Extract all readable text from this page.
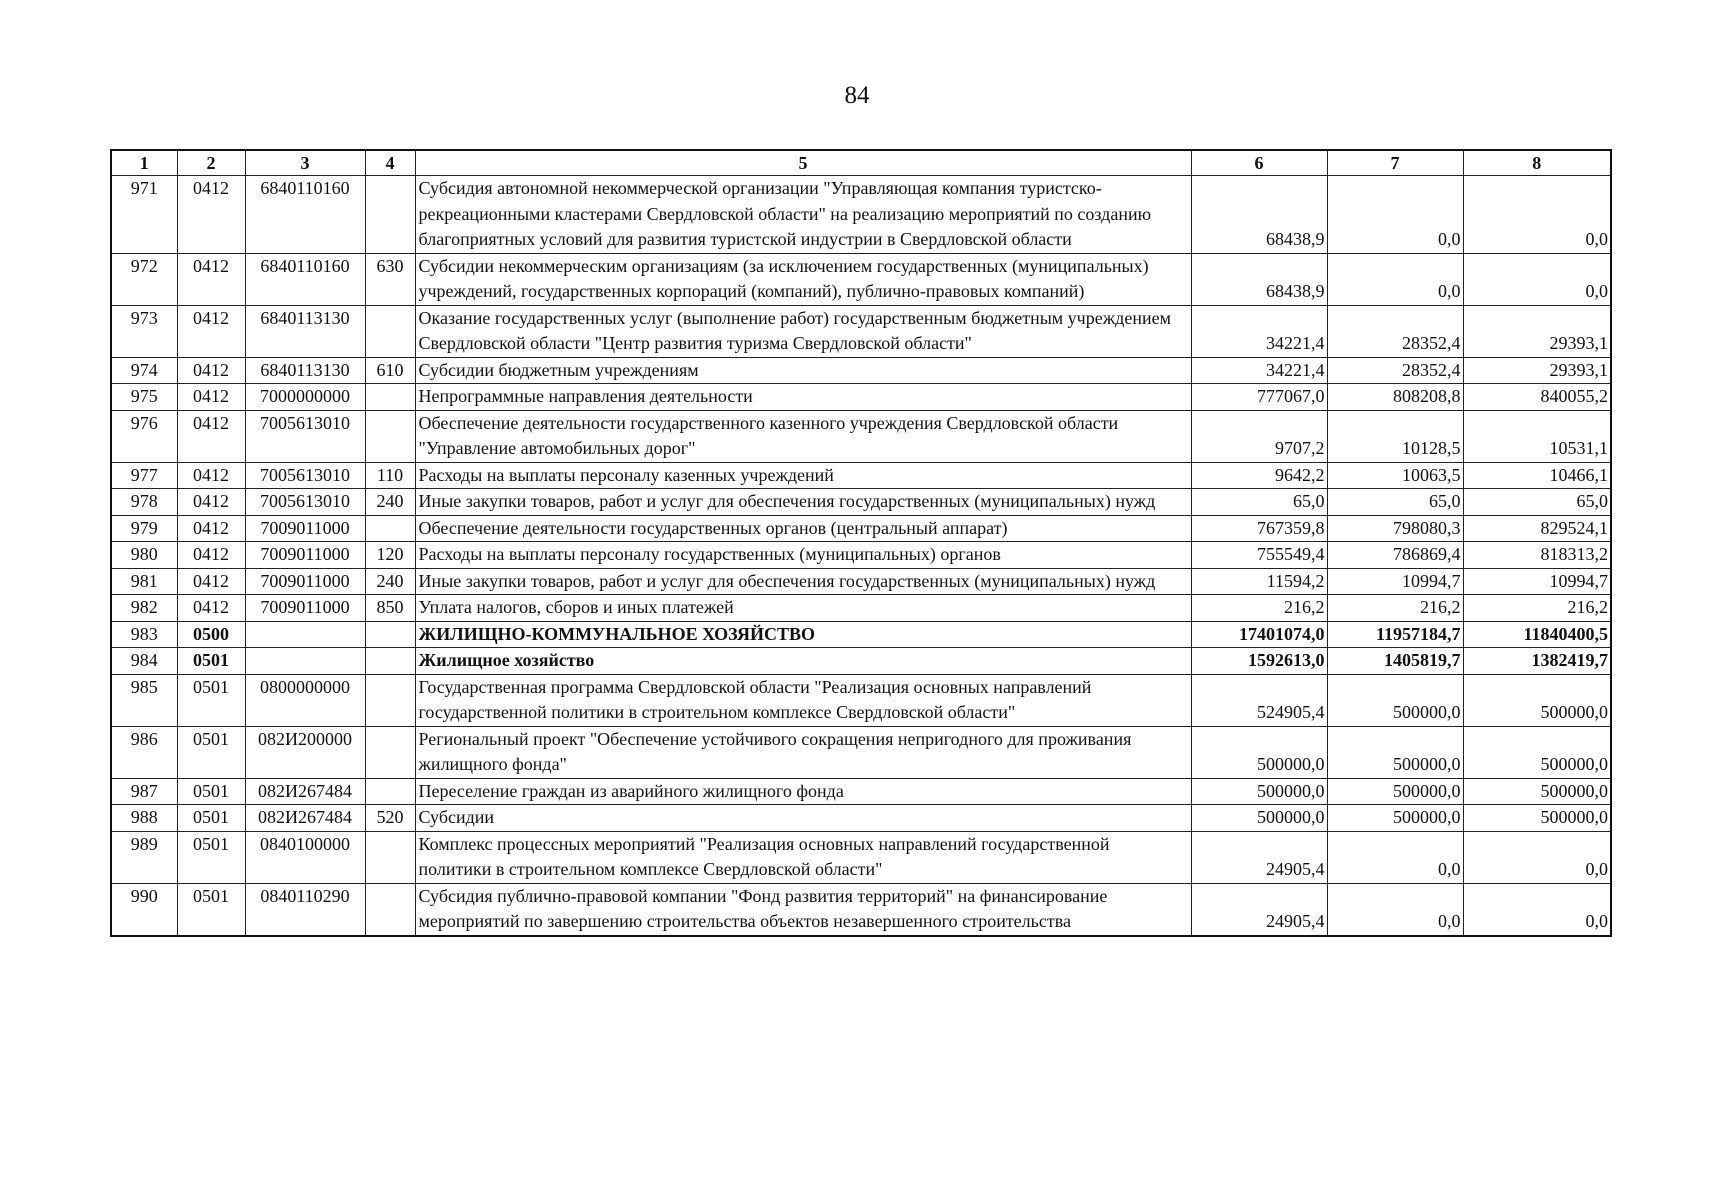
84
1	2	3	4	5	6	7	8
971	0412	6840110160		Субсидия автономной некоммерческой организации "Управляющая компания туристско-рекреационными кластерами Свердловской области" на реализацию мероприятий по созданию благоприятных условий для развития туристской индустрии в Свердловской области	68438,9	0,0	0,0
972	0412	6840110160	630	Субсидии некоммерческим организациям (за исключением государственных (муниципальных) учреждений, государственных корпораций (компаний), публично-правовых компаний)	68438,9	0,0	0,0
973	0412	6840113130		Оказание государственных услуг (выполнение работ) государственным бюджетным учреждением Свердловской области "Центр развития туризма Свердловской области"	34221,4	28352,4	29393,1
974	0412	6840113130	610	Субсидии бюджетным учреждениям	34221,4	28352,4	29393,1
975	0412	7000000000		Непрограммные направления деятельности	777067,0	808208,8	840055,2
976	0412	7005613010		Обеспечение деятельности государственного казенного учреждения Свердловской области "Управление автомобильных дорог"	9707,2	10128,5	10531,1
977	0412	7005613010	110	Расходы на выплаты персоналу казенных учреждений	9642,2	10063,5	10466,1
978	0412	7005613010	240	Иные закупки товаров, работ и услуг для обеспечения государственных (муниципальных) нужд	65,0	65,0	65,0
979	0412	7009011000		Обеспечение деятельности государственных органов (центральный аппарат)	767359,8	798080,3	829524,1
980	0412	7009011000	120	Расходы на выплаты персоналу государственных (муниципальных) органов	755549,4	786869,4	818313,2
981	0412	7009011000	240	Иные закупки товаров, работ и услуг для обеспечения государственных (муниципальных) нужд	11594,2	10994,7	10994,7
982	0412	7009011000	850	Уплата налогов, сборов и иных платежей	216,2	216,2	216,2
983	0500			ЖИЛИЩНО-КОММУНАЛЬНОЕ ХОЗЯЙСТВО	17401074,0	11957184,7	11840400,5
984	0501			Жилищное хозяйство	1592613,0	1405819,7	1382419,7
985	0501	0800000000		Государственная программа Свердловской области "Реализация основных направлений государственной политики в строительном комплексе Свердловской области"	524905,4	500000,0	500000,0
986	0501	082И200000		Региональный проект "Обеспечение устойчивого сокращения непригодного для проживания жилищного фонда"	500000,0	500000,0	500000,0
987	0501	082И267484		Переселение граждан из аварийного жилищного фонда	500000,0	500000,0	500000,0
988	0501	082И267484	520	Субсидии	500000,0	500000,0	500000,0
989	0501	0840100000		Комплекс процессных мероприятий "Реализация основных направлений государственной политики в строительном комплексе Свердловской области"	24905,4	0,0	0,0
990	0501	0840110290		Субсидия публично-правовой компании "Фонд развития территорий" на финансирование мероприятий по завершению строительства объектов незавершенного строительства	24905,4	0,0	0,0
